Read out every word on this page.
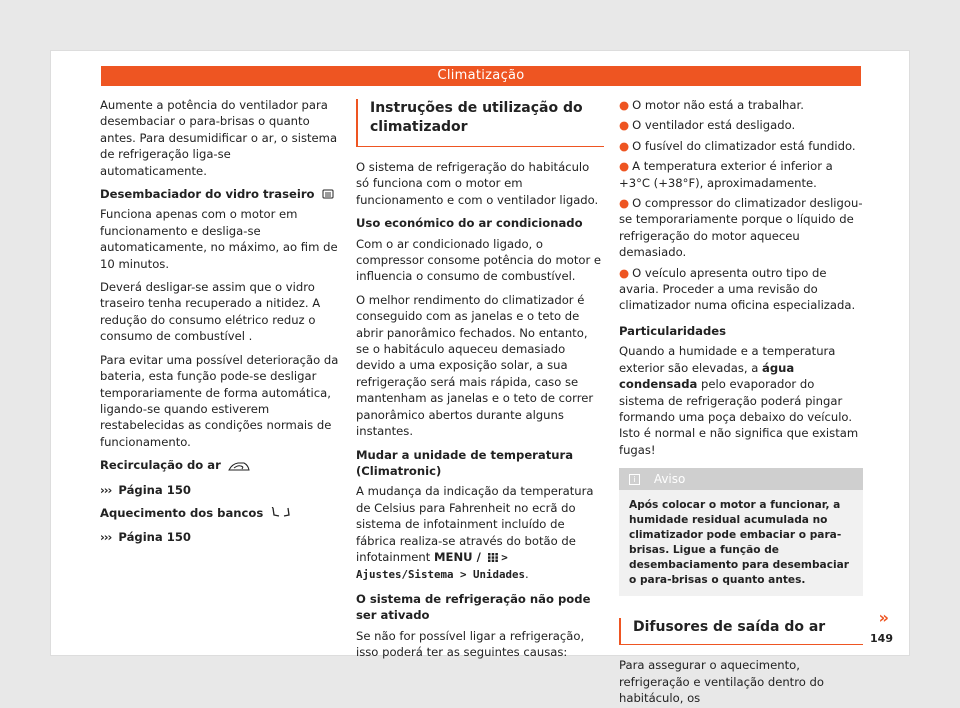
Climatização

Aumente a potência do ventilador para desembaciar o para-brisas o quanto antes. Para desumidificar o ar, o sistema de refrigeração liga-se automaticamente.

Desembaciador do vidro traseiro

Funciona apenas com o motor em funcionamento e desliga-se automaticamente, no máximo, ao fim de 10 minutos.

Deverá desligar-se assim que o vidro traseiro tenha recuperado a nitidez. A redução do consumo elétrico reduz o consumo de combustível .

Para evitar uma possível deterioração da bateria, esta função pode-se desligar temporariamente de forma automática, ligando-se quando estiverem restabelecidas as condições normais de funcionamento.

Recirculação do ar
››› Página 150
Aquecimento dos bancos
››› Página 150
Instruções de utilização do climatizador

O sistema de refrigeração do habitáculo só funciona com o motor em funcionamento e com o ventilador ligado.

Uso económico do ar condicionado

Com o ar condicionado ligado, o compressor consome potência do motor e influencia o consumo de combustível.

O melhor rendimento do climatizador é conseguido com as janelas e o teto de abrir panorâmico fechados. No entanto, se o habitáculo aqueceu demasiado devido a uma exposição solar, a sua refrigeração será mais rápida, caso se mantenham as janelas e o teto de correr panorâmico abertos durante alguns instantes.

Mudar a unidade de temperatura (Climatronic)

A mudança da indicação da temperatura de Celsius para Fahrenheit no ecrã do sistema de infotainment incluído de fábrica realiza-se através do botão de infotainment MENU / >
Ajustes/Sistema > Unidades.

O sistema de refrigeração não pode ser ativado

Se não for possível ligar a refrigeração, isso poderá ter as seguintes causas:

● O motor não está a trabalhar.
● O ventilador está desligado.
● O fusível do climatizador está fundido.
● A temperatura exterior é inferior a +3°C (+38°F), aproximadamente.
● O compressor do climatizador desligou-se temporariamente porque o líquido de refrigeração do motor aqueceu demasiado.
● O veículo apresenta outro tipo de avaria. Proceder a uma revisão do climatizador numa oficina especializada.
Particularidades

Quando a humidade e a temperatura exterior são elevadas, a água condensada pelo evaporador do sistema de refrigeração poderá pingar formando uma poça debaixo do veículo. Isto é normal e não significa que existam fugas!

i Aviso
Após colocar o motor a funcionar, a humidade residual acumulada no climatizador pode embaciar o para-brisas. Ligue a função de desembaciamento para desembaciar o para-brisas o quanto antes.
Difusores de saída do ar

Para assegurar o aquecimento, refrigeração e ventilação dentro do habitáculo, os

»
149
